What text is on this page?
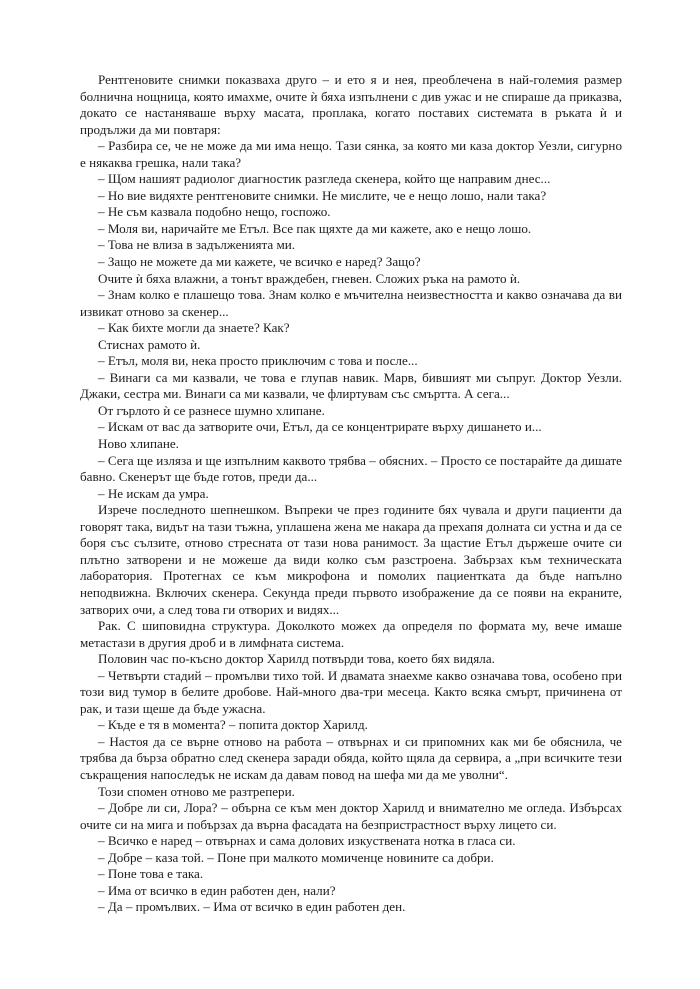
Рентгеновите снимки показваха друго – и ето я и нея, преоблечена в най-големия размер болнична нощница, която имахме, очите ѝ бяха изпълнени с див ужас и не спираше да приказва, докато се настаняваше върху масата, проплака, когато поставих системата в ръката ѝ и продължи да ми повтаря:

– Разбира се, че не може да ми има нещо. Тази сянка, за която ми каза доктор Уезли, сигурно е някаква грешка, нали така?

– Щом нашият радиолог диагностик разгледа скенера, който ще направим днес...

– Но вие видяхте рентгеновите снимки. Не мислите, че е нещо лошо, нали така?

– Не съм казвала подобно нещо, госпожо.

– Моля ви, наричайте ме Етъл. Все пак щяхте да ми кажете, ако е нещо лошо.

– Това не влиза в задълженията ми.

– Защо не можете да ми кажете, че всичко е наред? Защо?

Очите ѝ бяха влажни, а тонът враждебен, гневен. Сложих ръка на рамото ѝ.

– Знам колко е плашещо това. Знам колко е мъчителна неизвестността и какво означава да ви извикат отново за скенер...

– Как бихте могли да знаете? Как?

Стиснах рамото ѝ.

– Етъл, моля ви, нека просто приключим с това и после...

– Винаги са ми казвали, че това е глупав навик. Марв, бившият ми съпруг. Доктор Уезли. Джаки, сестра ми. Винаги са ми казвали, че флиртувам със смъртта. А сега...

От гърлото ѝ се разнесе шумно хлипане.

– Искам от вас да затворите очи, Етъл, да се концентрирате върху дишането и...

Ново хлипане.

– Сега ще изляза и ще изпълним каквото трябва – обясних. – Просто се постарайте да дишате бавно. Скенерът ще бъде готов, преди да...

– Не искам да умра.

Изрече последното шепнешком. Въпреки че през годините бях чувала и други пациенти да говорят така, видът на тази тъжна, уплашена жена ме накара да прехапя долната си устна и да се боря със сълзите, отново стресната от тази нова ранимост. За щастие Етъл държеше очите си плътно затворени и не можеше да види колко съм разстроена. Забързах към техническата лаборатория. Протегнах се към микрофона и помолих пациентката да бъде напълно неподвижна. Включих скенера. Секунда преди първото изображение да се появи на екраните, затворих очи, а след това ги отворих и видях...

Рак. С шиповидна структура. Доколкото можех да определя по формата му, вече имаше метастази в другия дроб и в лимфната система.

Половин час по-късно доктор Харилд потвърди това, което бях видяла.

– Четвърти стадий – промълви тихо той. И двамата знаехме какво означава това, особено при този вид тумор в белите дробове. Най-много два-три месеца. Както всяка смърт, причинена от рак, и тази щеше да бъде ужасна.

– Къде е тя в момента? – попита доктор Харилд.

– Настоя да се върне отново на работа – отвърнах и си припомних как ми бе обяснила, че трябва да бърза обратно след скенера заради обяда, който щяла да сервира, а „при всичките тези съкращения напоследък не искам да давам повод на шефа ми да ме уволни“.

Този спомен отново ме разтрепери.

– Добре ли си, Лора? – обърна се към мен доктор Харилд и внимателно ме огледа. Избърсах очите си на мига и побързах да върна фасадата на безпристрастност върху лицето си.

– Всичко е наред – отвърнах и сама долових изкуствената нотка в гласа си.

– Добре – каза той. – Поне при малкото момиченце новините са добри.

– Поне това е така.

– Има от всичко в един работен ден, нали?

– Да – промълвих. – Има от всичко в един работен ден.
